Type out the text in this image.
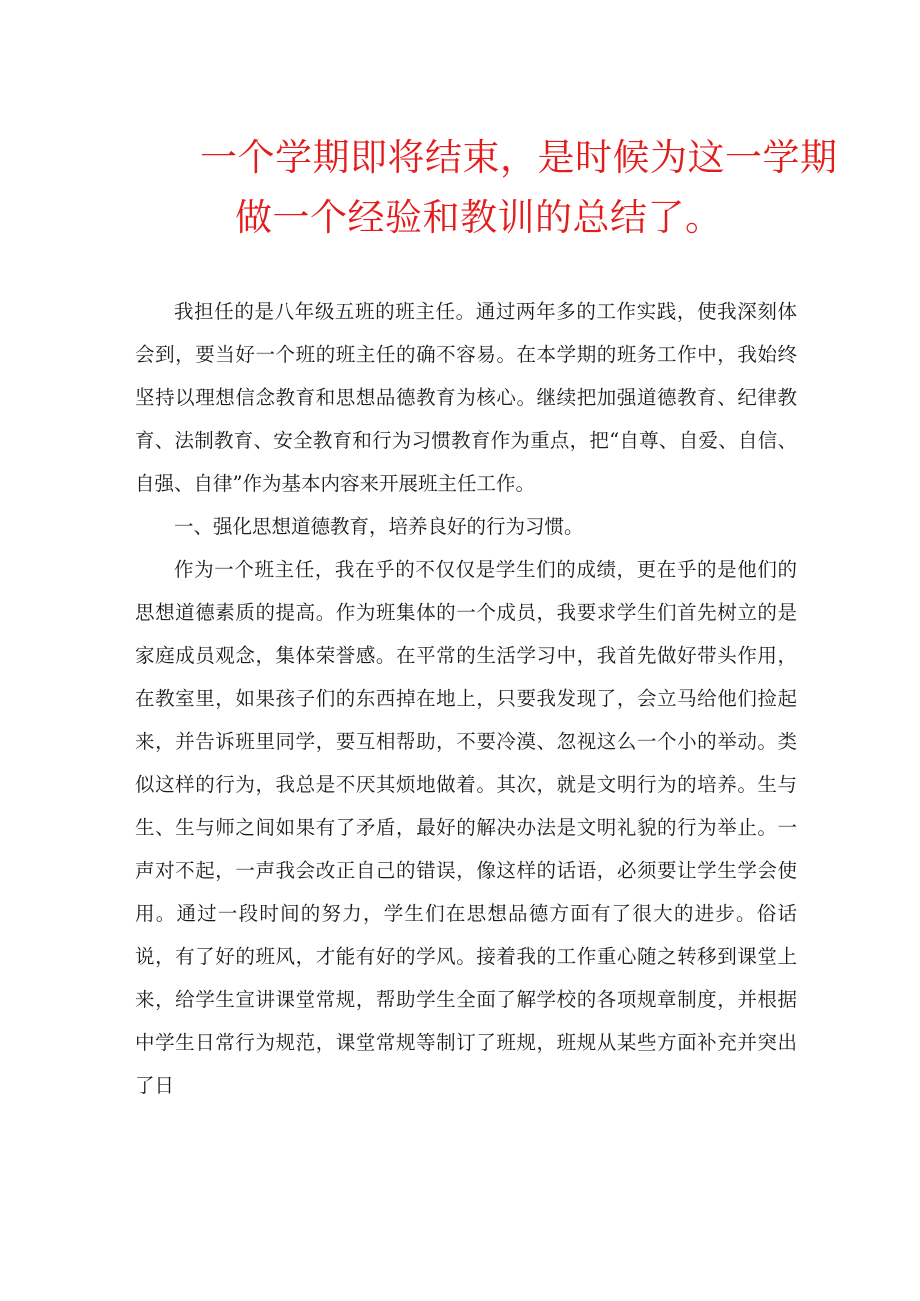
一个学期即将结束，是时候为这一学期
做一个经验和教训的总结了。

我担任的是八年级五班的班主任。通过两年多的工作实践，使我深刻体会到，要当好一个班的班主任的确不容易。在本学期的班务工作中，我始终坚持以理想信念教育和思想品德教育为核心。继续把加强道德教育、纪律教育、法制教育、安全教育和行为习惯教育作为重点，把“自尊、自爱、自信、自强、自律”作为基本内容来开展班主任工作。

一、强化思想道德教育，培养良好的行为习惯。

作为一个班主任，我在乎的不仅仅是学生们的成绩，更在乎的是他们的思想道德素质的提高。作为班集体的一个成员，我要求学生们首先树立的是家庭成员观念，集体荣誉感。在平常的生活学习中，我首先做好带头作用，在教室里，如果孩子们的东西掉在地上，只要我发现了，会立马给他们捡起来，并告诉班里同学，要互相帮助，不要冷漠、忽视这么一个小的举动。类似这样的行为，我总是不厌其烦地做着。其次，就是文明行为的培养。生与生、生与师之间如果有了矛盾，最好的解决办法是文明礼貌的行为举止。一声对不起，一声我会改正自己的错误，像这样的话语，必须要让学生学会使用。通过一段时间的努力，学生们在思想品德方面有了很大的进步。俗话说，有了好的班风，才能有好的学风。接着我的工作重心随之转移到课堂上来，给学生宣讲课堂常规，帮助学生全面了解学校的各项规章制度，并根据中学生日常行为规范，课堂常规等制订了班规，班规从某些方面补充并突出了日
